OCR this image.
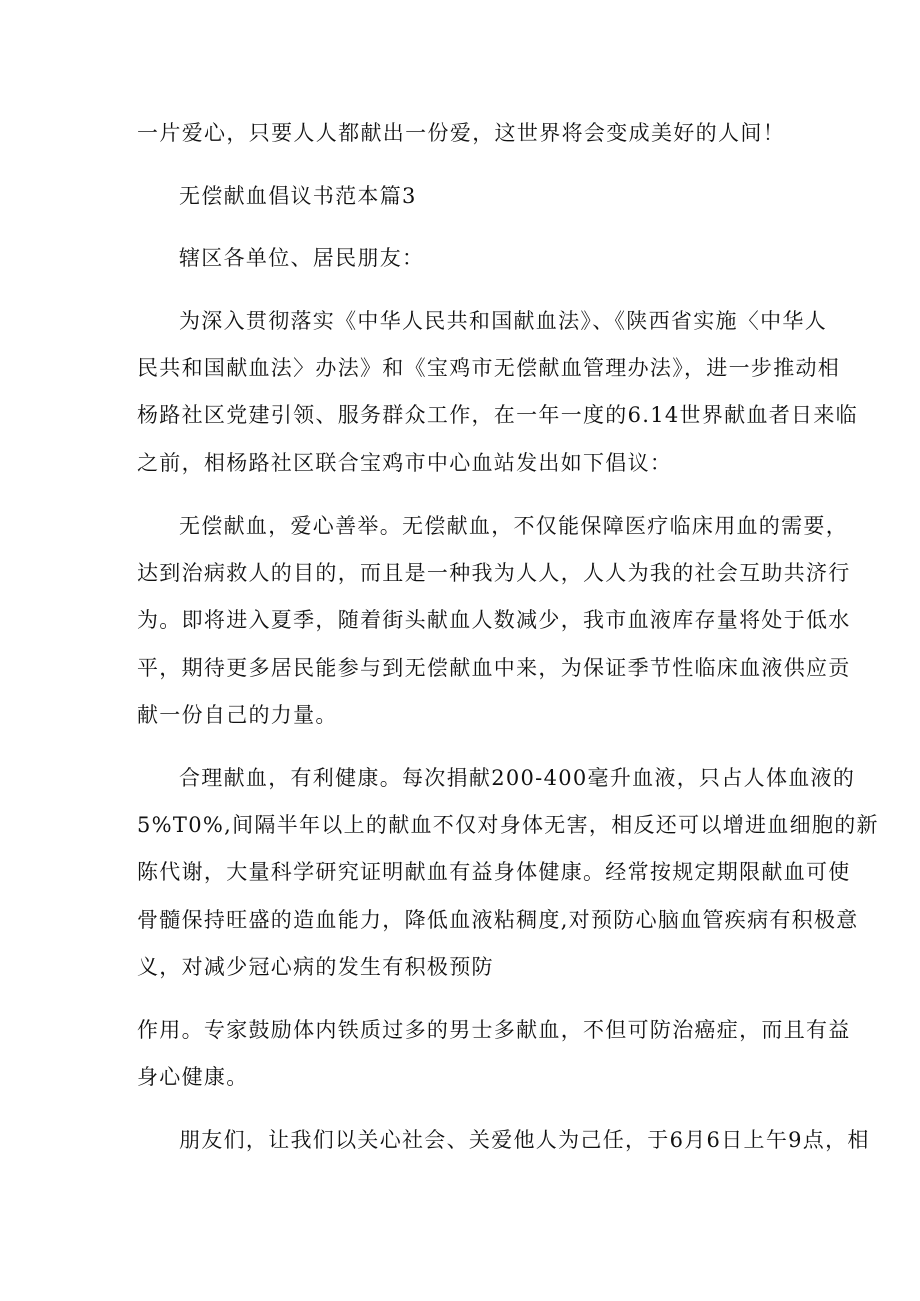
一片爱心，只要人人都献出一份爱，这世界将会变成美好的人间！
无偿献血倡议书范本篇3
辖区各单位、居民朋友：
为深入贯彻落实《中华人民共和国献血法》、《陕西省实施〈中华人
民共和国献血法〉办法》和《宝鸡市无偿献血管理办法》，进一步推动相
杨路社区党建引领、服务群众工作，在一年一度的6.14世界献血者日来临
之前，相杨路社区联合宝鸡市中心血站发出如下倡议：
无偿献血，爱心善举。无偿献血，不仅能保障医疗临床用血的需要，
达到治病救人的目的，而且是一种我为人人，人人为我的社会互助共济行
为。即将进入夏季，随着街头献血人数减少，我市血液库存量将处于低水
平，期待更多居民能参与到无偿献血中来，为保证季节性临床血液供应贡
献一份自己的力量。
合理献血，有利健康。每次捐献200-400毫升血液，只占人体血液的
5%T0%,间隔半年以上的献血不仅对身体无害，相反还可以增进血细胞的新
陈代谢，大量科学研究证明献血有益身体健康。经常按规定期限献血可使
骨髓保持旺盛的造血能力，降低血液粘稠度,对预防心脑血管疾病有积极意
义，对减少冠心病的发生有积极预防
作用。专家鼓励体内铁质过多的男士多献血，不但可防治癌症，而且有益
身心健康。
朋友们，让我们以关心社会、关爱他人为己任，于6月6日上午9点，相
